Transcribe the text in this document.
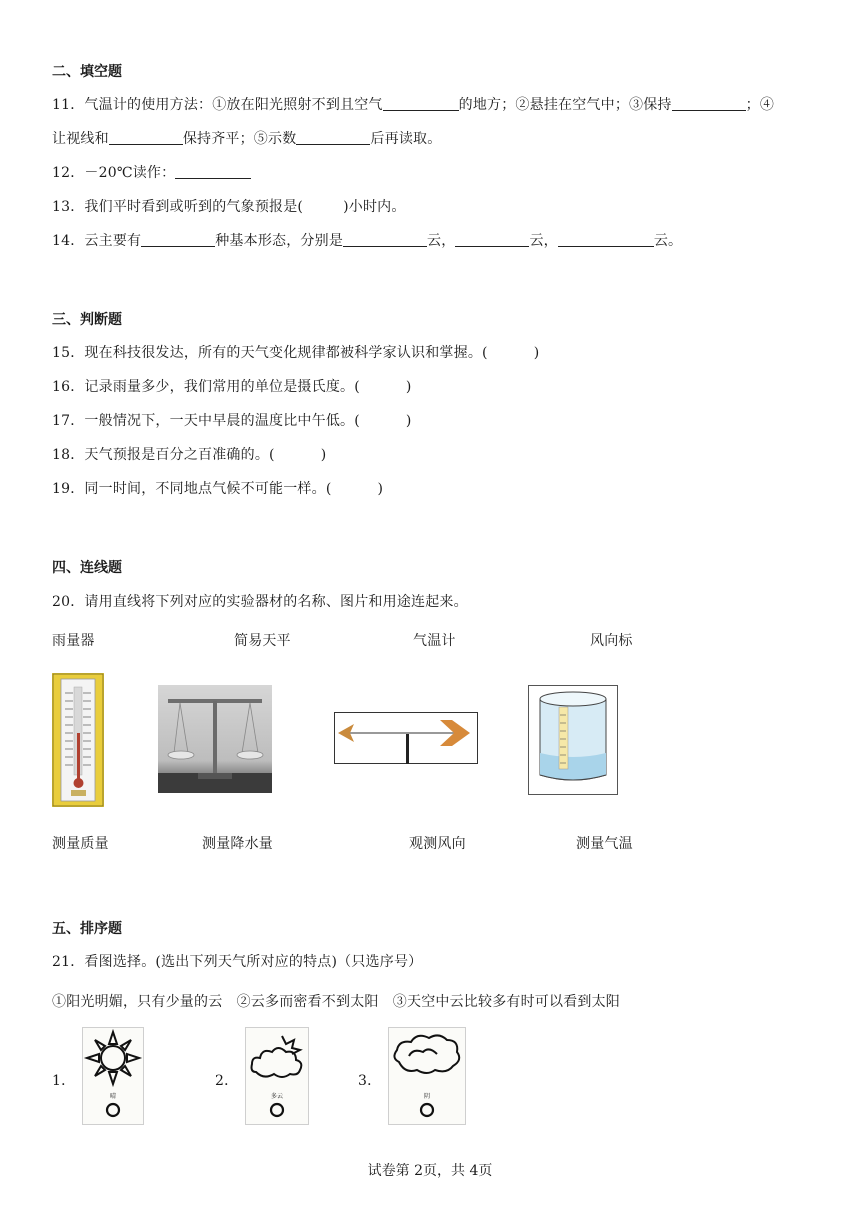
二、填空题
11．气温计的使用方法：①放在阳光照射不到且空气	的地方；②悬挂在空气中；③保持	；④
让视线和	保持齐平；⑤示数	后再读取。
12．－20℃读作：
13．我们平时看到或听到的气象预报是(	)小时内。
14．云主要有	种基本形态，分别是	云，	云，	云。
三、判断题
15．现在科技很发达，所有的天气变化规律都被科学家认识和掌握。(	)
16．记录雨量多少，我们常用的单位是摄氏度。(	)
17．一般情况下，一天中早晨的温度比中午低。(	)
18．天气预报是百分之百准确的。(	)
19．同一时间，不同地点气候不可能一样。(	)
四、连线题
20．请用直线将下列对应的实验器材的名称、图片和用途连起来。
雨量器	简易天平	气温计	风向标
测量质量	测量降水量	观测风向	测量气温
五、排序题
21．看图选择。(选出下列天气所对应的特点)（只选序号）
①阳光明媚，只有少量的云　②云多而密看不到太阳　③天空中云比较多有时可以看到太阳
1．
晴
2．
多云
3．
阴
试卷第 2页，共 4页
